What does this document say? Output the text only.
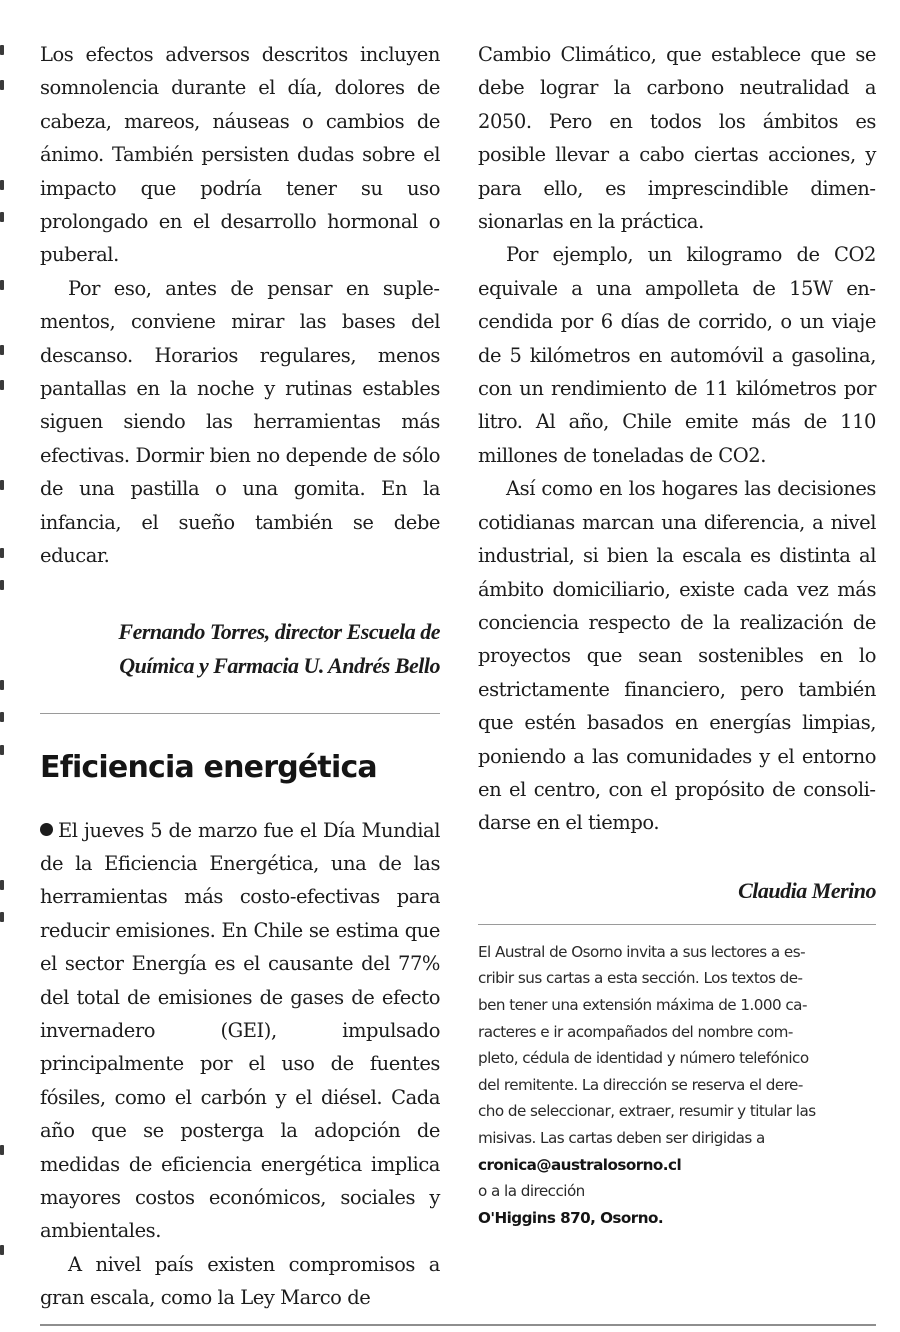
Los efectos adversos descritos incluyen somnolencia durante el día, dolores de cabeza, mareos, náuseas o cambios de ánimo. También persisten dudas sobre el impacto que podría tener su uso prolongado en el desarrollo hormonal o puberal.

Por eso, antes de pensar en suplementos, conviene mirar las bases del descanso. Horarios regulares, menos pantallas en la noche y rutinas estables siguen siendo las herramientas más efectivas. Dormir bien no depende de sólo de una pastilla o una gomita. En la infancia, el sueño también se debe educar.

Fernando Torres, director Escuela de

Química y Farmacia U. Andrés Bello

Eficiencia energética

El jueves 5 de marzo fue el Día Mundial de la Eficiencia Energética, una de las herramientas más costo-efectivas para reducir emisiones. En Chile se estima que el sector Energía es el causante del 77% del total de emisiones de gases de efecto invernadero (GEI), impulsado principalmente por el uso de fuentes fósiles, como el carbón y el diésel. Cada año que se posterga la adopción de medidas de eficiencia energética implica mayores costos económicos, sociales y ambientales.

A nivel país existen compromisos a gran escala, como la Ley Marco de

Cambio Climático, que establece que se debe lograr la carbono neutralidad a 2050. Pero en todos los ámbitos es posible llevar a cabo ciertas acciones, y para ello, es imprescindible dimensionarlas en la práctica.

Por ejemplo, un kilogramo de CO2 equivale a una ampolleta de 15W encendida por 6 días de corrido, o un viaje de 5 kilómetros en automóvil a gasolina, con un rendimiento de 11 kilómetros por litro. Al año, Chile emite más de 110 millones de toneladas de CO2.

Así como en los hogares las decisiones cotidianas marcan una diferencia, a nivel industrial, si bien la escala es distinta al ámbito domiciliario, existe cada vez más conciencia respecto de la realización de proyectos que sean sostenibles en lo estrictamente financiero, pero también que estén basados en energías limpias, poniendo a las comunidades y el entorno en el centro, con el propósito de consolidarse en el tiempo.

Claudia Merino

El Austral de Osorno invita a sus lectores a es-
cribir sus cartas a esta sección. Los textos de-
ben tener una extensión máxima de 1.000 ca-
racteres e ir acompañados del nombre com-
pleto, cédula de identidad y número telefónico
del remitente. La dirección se reserva el dere-
cho de seleccionar, extraer, resumir y titular las
misivas. Las cartas deben ser dirigidas a
cronica@australosorno.cl
o a la dirección
O'Higgins 870, Osorno.
